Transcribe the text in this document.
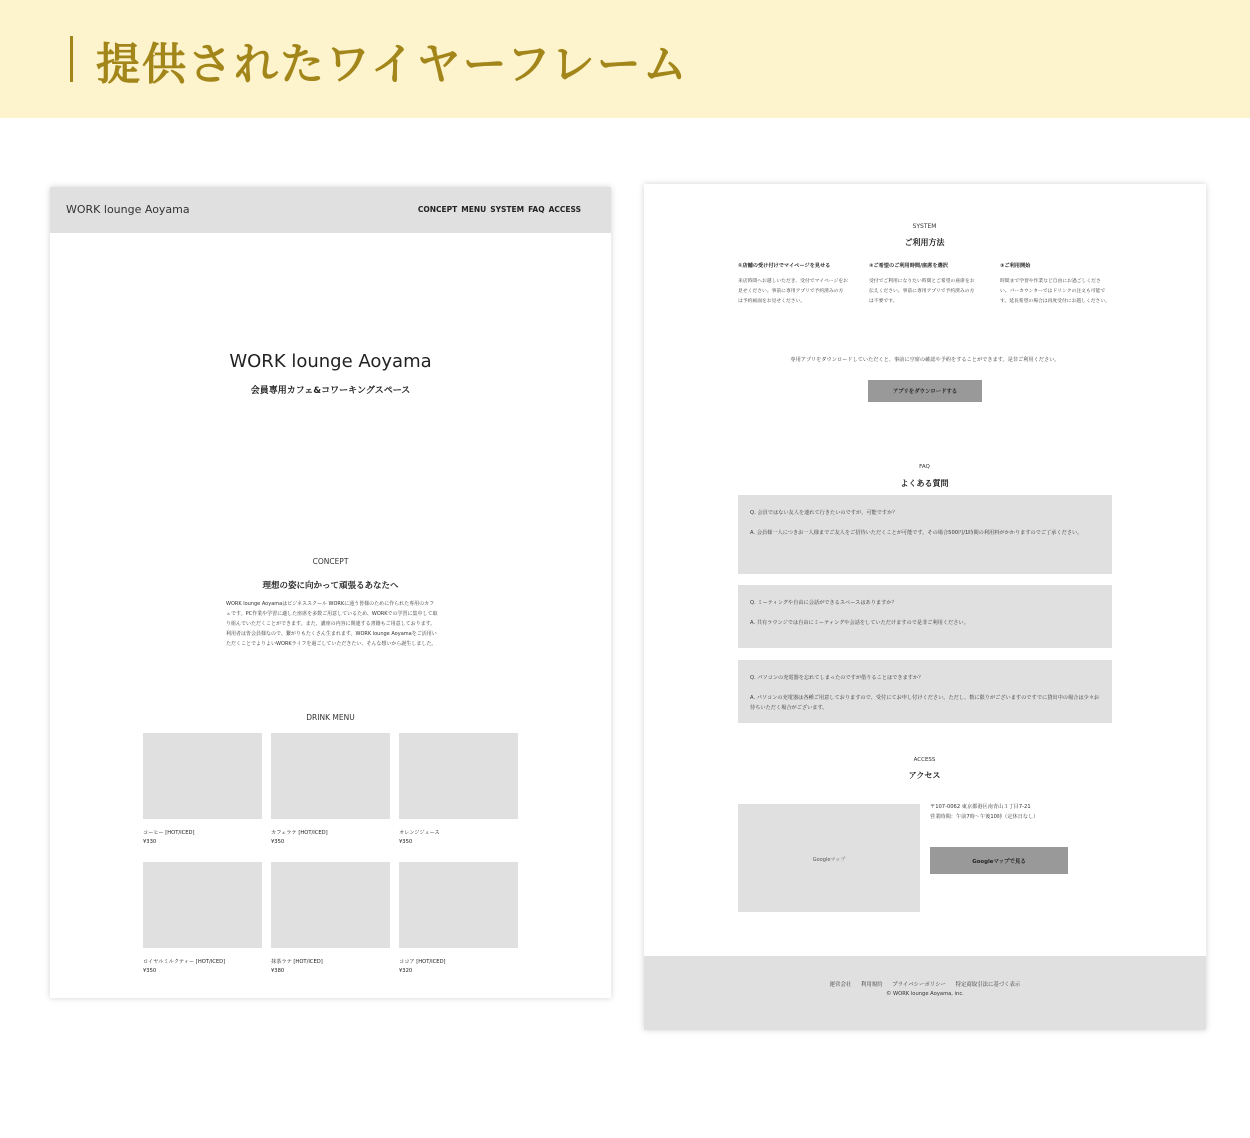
提供されたワイヤーフレーム
WORK lounge Aoyama	CONCEPT MENU SYSTEM FAQ ACCESS
WORK lounge Aoyama
会員専用カフェ&コワーキングスペース
CONCEPT
理想の姿に向かって頑張るあなたへ
WORK lounge Aoyamaはビジネススクール WORKに通う皆様のために作られた専用のカフェです。PC作業や学習に適した座席を多数ご用意しているため、WORKでの学習に集中して取り組んでいただくことができます。また、講座の内容に関連する書籍もご用意しております。利用者は皆会員様なので、繋がりもたくさん生まれます。WORK lounge Aoyamaをご活用いただくことでよりよいWORKライフを過ごしていただきたい、そんな想いから誕生しました。
DRINK MENU
コーヒー [HOT/ICED]
¥330
カフェラテ [HOT/ICED]
¥350
オレンジジュース
¥350
ロイヤルミルクティー [HOT/ICED]
¥350
抹茶ラテ [HOT/ICED]
¥380
ココア [HOT/ICED]
¥320
SYSTEM
ご利用方法
①店舗の受け付けでマイページを見せる
来店時間へお越しいただき、受付でマイページをお見せください。事前に専用アプリで予約済みの方は予約画面をお見せください。
②ご希望のご利用時間/座席を選択
受付でご利用になりたい時間とご希望の座席をお伝えください。事前に専用アプリで予約済みの方は不要です。
③ご利用開始
時間まで学習や作業など自由にお過ごしください。バーカウンターではドリンクの注文も可能です。延長希望の場合は再度受付にお越しください。
専用アプリをダウンロードしていただくと、事前に空席の確認や予約をすることができます。是非ご利用ください。
アプリをダウンロードする
FAQ
よくある質問
Q. 会員ではない友人を連れて行きたいのですが、可能ですか？
A. 会員様一人につきお一人様までご友人をご招待いただくことが可能です。その場合500円/1時間の利用料がかかりますのでご了承ください。
Q. ミーティングや自由に会話ができるスペースはありますか？
A. 共有ラウンジでは自由にミーティングや会話をしていただけますので是非ご利用ください。
Q. パソコンの充電器を忘れてしまったのですが借りることはできますか？
A. パソコンの充電器は各種ご用意しておりますので、受付にてお申し付けください。ただし、数に限りがございますのですでに貸出中の場合は少々お待ちいただく場合がございます。
ACCESS
アクセス
Googleマップ
〒107-0062 東京都港区南青山３丁目7-21
営業時間：午前7時〜午後10時（定休日なし）
Googleマップで見る
運営会社 利用規約 プライバシーポリシー 特定商取引法に基づく表示
© WORK lounge Aoyama, inc.
